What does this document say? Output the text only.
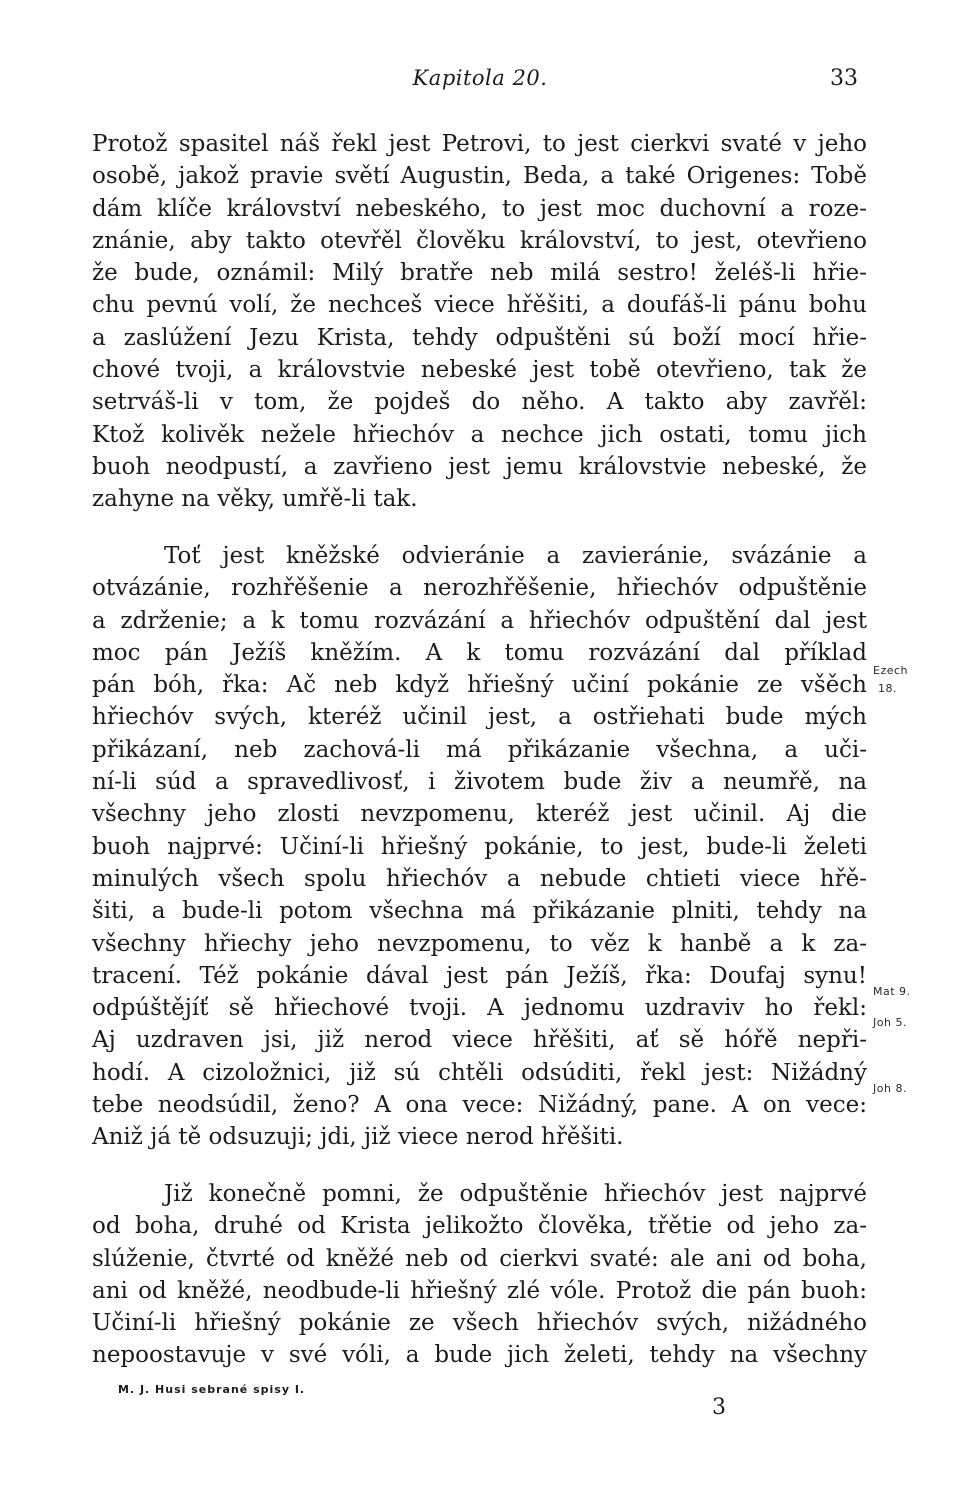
Kapitola 20.	33
Protož spasitel náš řekl jest Petrovi, to jest cierkvi svaté v jeho
osobě, jakož pravie světí Augustin, Beda, a také Origenes: Tobě
dám klíče království nebeského, to jest moc duchovní a roze-
znánie, aby takto otevřěl člověku království, to jest, otevřieno
že bude, oznámil: Milý bratře neb milá sestro! želéš-li hřie-
chu pevnú volí, že nechceš viece hřěšiti, a doufáš-li pánu bohu
a zaslúžení Jezu Krista, tehdy odpuštěni sú boží mocí hřie-
chové tvoji, a královstvie nebeské jest tobě otevřieno, tak že
setrváš-li v tom, že pojdeš do něho. A takto aby zavřěl:
Ktož kolivěk nežele hřiechóv a nechce jich ostati, tomu jich
buoh neodpustí, a zavřieno jest jemu královstvie nebeské, že
zahyne na věky, umřě-li tak.
Toť jest kněžské odvieránie a zavieránie, svázánie a
otvázánie, rozhřěšenie a nerozhřěšenie, hřiechóv odpuštěnie
a zdrženie; a k tomu rozvázání a hřiechóv odpuštění dal jest
moc pán Ježíš kněžím. A k tomu rozvázání dal příklad
pán bóh, řka: Ač neb když hřiešný učiní pokánie ze všěch
hřiechóv svých, kteréž učinil jest, a ostřiehati bude mých
přikázaní, neb zachová-li má přikázanie všechna, a uči-
ní-li súd a spravedlivosť, i životem bude živ a neumřě, na
všechny jeho zlosti nevzpomenu, kteréž jest učinil. Aj die
buoh najprvé: Učiní-li hřiešný pokánie, to jest, bude-li želeti
minulých všech spolu hřiechóv a nebude chtieti viece hřě-
šiti, a bude-li potom všechna má přikázanie plniti, tehdy na
všechny hřiechy jeho nevzpomenu, to věz k hanbě a k za-
tracení. Též pokánie dával jest pán Ježíš, řka: Doufaj synu!
odpúštějíť sě hřiechové tvoji. A jednomu uzdraviv ho řekl:
Aj uzdraven jsi, již nerod viece hřěšiti, ať sě hóřě nepři-
hodí. A cizoložnici, již sú chtěli odsúditi, řekl jest: Nižádný
tebe neodsúdil, ženo? A ona vece: Nižádný, pane. A on vece:
Aniž já tě odsuzuji; jdi, již viece nerod hřěšiti.
Již konečně pomni, že odpuštěnie hřiechóv jest najprvé
od boha, druhé od Krista jelikožto člověka, třětie od jeho za-
slúženie, čtvrté od kněžé neb od cierkvi svaté: ale ani od boha,
ani od kněžé, neodbude-li hřiešný zlé vóle. Protož die pán buoh:
Učiní-li hřiešný pokánie ze všech hřiechóv svých, nižádného
nepoostavuje v své vóli, a bude jich želeti, tehdy na všechny
Ezech
18.
Mat 9.
Joh 5.
Joh 8.
M. J. Husi sebrané spisy I.
3
